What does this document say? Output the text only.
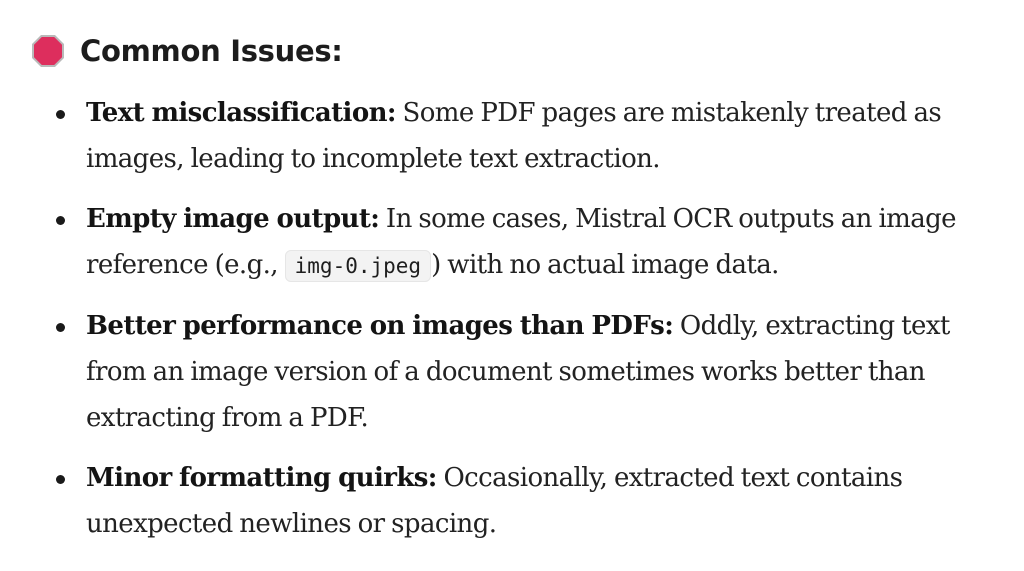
Common Issues:
Text misclassification: Some PDF pages are mistakenly treated as images, leading to incomplete text extraction.
Empty image output: In some cases, Mistral OCR outputs an image reference (e.g., img-0.jpeg ) with no actual image data.
Better performance on images than PDFs: Oddly, extracting text from an image version of a document sometimes works better than extracting from a PDF.
Minor formatting quirks: Occasionally, extracted text contains unexpected newlines or spacing.
